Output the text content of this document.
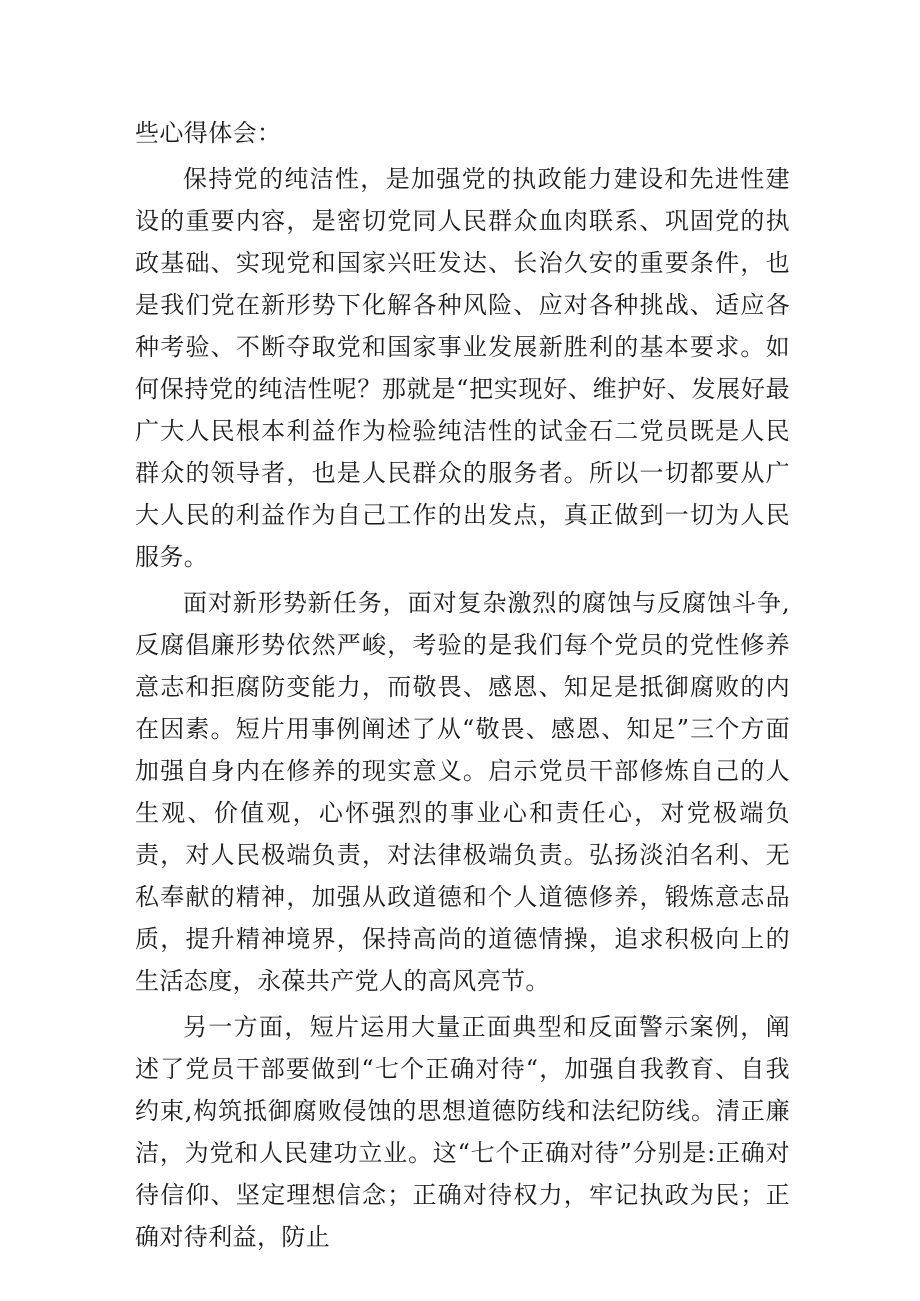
些心得体会：

保持党的纯洁性，是加强党的执政能力建设和先进性建设的重要内容，是密切党同人民群众血肉联系、巩固党的执政基础、实现党和国家兴旺发达、长治久安的重要条件，也是我们党在新形势下化解各种风险、应对各种挑战、适应各种考验、不断夺取党和国家事业发展新胜利的基本要求。如何保持党的纯洁性呢？那就是“把实现好、维护好、发展好最广大人民根本利益作为检验纯洁性的试金石二党员既是人民群众的领导者，也是人民群众的服务者。所以一切都要从广大人民的利益作为自己工作的出发点，真正做到一切为人民服务。

面对新形势新任务，面对复杂激烈的腐蚀与反腐蚀斗争,反腐倡廉形势依然严峻，考验的是我们每个党员的党性修养意志和拒腐防变能力，而敬畏、感恩、知足是抵御腐败的内在因素。短片用事例阐述了从“敬畏、感恩、知足”三个方面加强自身内在修养的现实意义。启示党员干部修炼自己的人生观、价值观，心怀强烈的事业心和责任心，对党极端负责，对人民极端负责，对法律极端负责。弘扬淡泊名利、无私奉献的精神，加强从政道德和个人道德修养，锻炼意志品质，提升精神境界，保持高尚的道德情操，追求积极向上的生活态度，永葆共产党人的高风亮节。

另一方面，短片运用大量正面典型和反面警示案例，阐述了党员干部要做到“七个正确对待“，加强自我教育、自我约束,构筑抵御腐败侵蚀的思想道德防线和法纪防线。清正廉洁，为党和人民建功立业。这“七个正确对待”分别是:正确对待信仰、坚定理想信念；正确对待权力，牢记执政为民；正确对待利益，防止
